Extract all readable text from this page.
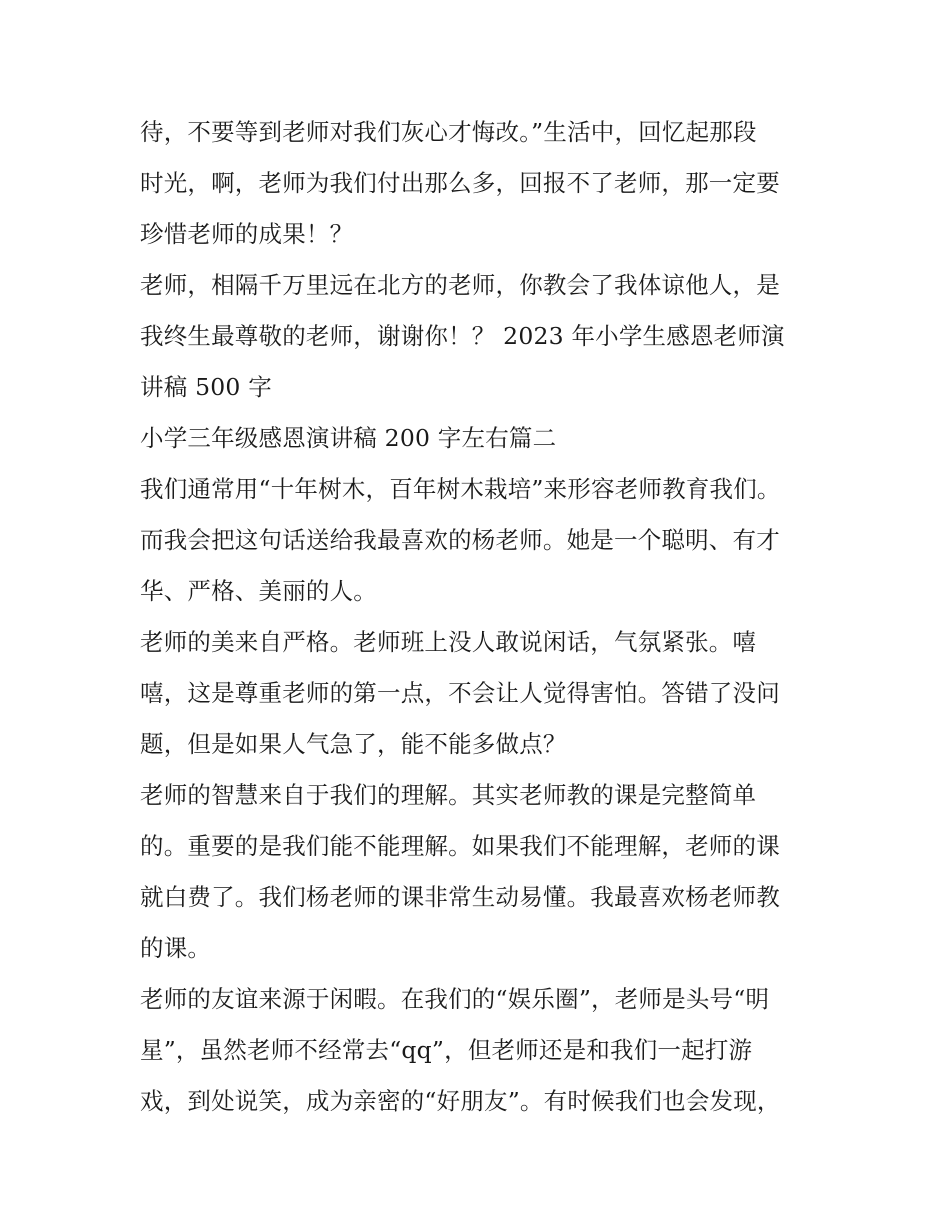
待，不要等到老师对我们灰心才悔改。”生活中，回忆起那段
时光，啊，老师为我们付出那么多，回报不了老师，那一定要
珍惜老师的成果！？
老师，相隔千万里远在北方的老师，你教会了我体谅他人，是
我终生最尊敬的老师，谢谢你！？ 2023 年小学生感恩老师演
讲稿 500 字
小学三年级感恩演讲稿 200 字左右篇二
我们通常用“十年树木，百年树木栽培”来形容老师教育我们。
而我会把这句话送给我最喜欢的杨老师。她是一个聪明、有才
华、严格、美丽的人。
老师的美来自严格。老师班上没人敢说闲话，气氛紧张。嘻
嘻，这是尊重老师的第一点，不会让人觉得害怕。答错了没问
题，但是如果人气急了，能不能多做点？
老师的智慧来自于我们的理解。其实老师教的课是完整简单
的。重要的是我们能不能理解。如果我们不能理解，老师的课
就白费了。我们杨老师的课非常生动易懂。我最喜欢杨老师教
的课。
老师的友谊来源于闲暇。在我们的“娱乐圈”，老师是头号“明
星”，虽然老师不经常去“qq”，但老师还是和我们一起打游
戏，到处说笑，成为亲密的“好朋友”。有时候我们也会发现，
